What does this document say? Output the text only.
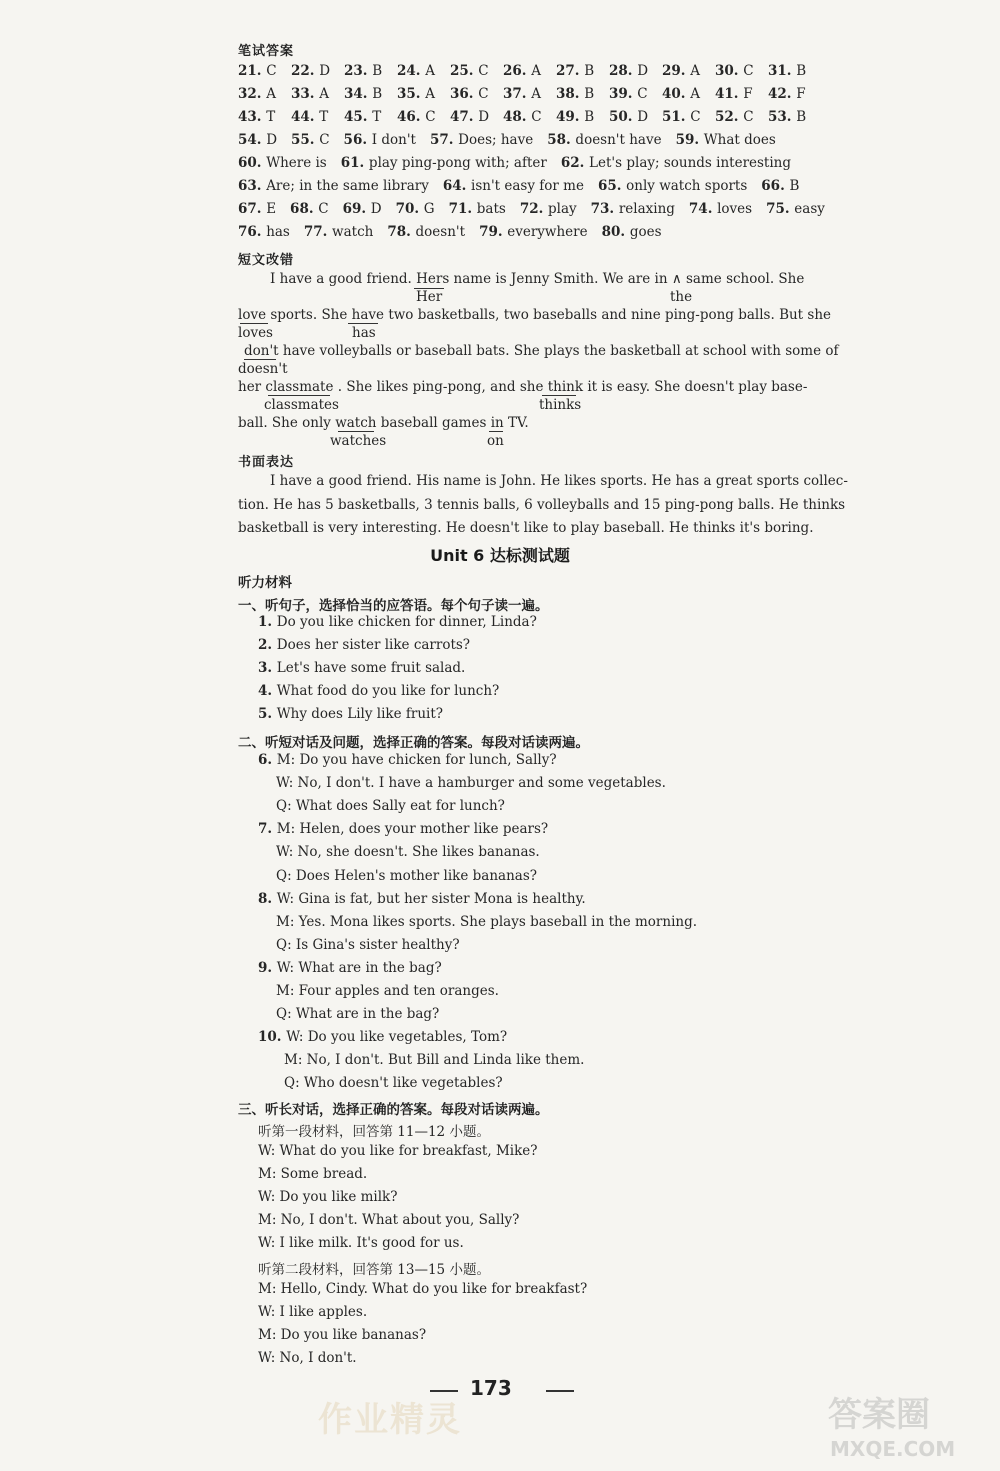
笔试答案
21. C 22. D 23. B 24. A 25. C 26. A 27. B 28. D 29. A 30. C 31. B
32. A 33. A 34. B 35. A 36. C 37. A 38. B 39. C 40. A 41. F 42. F
43. T 44. T 45. T 46. C 47. D 48. C 49. B 50. D 51. C 52. C 53. B
54. D 55. C 56. I don't 57. Does; have 58. doesn't have 59. What does
60. Where is 61. play ping-pong with; after 62. Let's play; sounds interesting
63. Are; in the same library 64. isn't easy for me 65. only watch sports 66. B
67. E 68. C 69. D 70. G 71. bats 72. play 73. relaxing 74. loves 75. easy
76. has 77. watch 78. doesn't 79. everywhere 80. goes
短文改错
I have a good friend. Hers name is Jenny Smith. We are in ∧ same school. She
love sports. She have two basketballs, two baseballs and nine ping-pong balls. But she
don't have volleyballs or baseball bats. She plays the basketball at school with some of
her classmate . She likes ping-pong, and she think it is easy. She doesn't play base-
ball. She only watch baseball games in TV.
Her	the
loves	has
doesn't
classmates	thinks
watches	on
书面表达
I have a good friend. His name is John. He likes sports. He has a great sports collec-
tion. He has 5 basketballs, 3 tennis balls, 6 volleyballs and 15 ping-pong balls. He thinks
basketball is very interesting. He doesn't like to play baseball. He thinks it's boring.
Unit 6 达标测试题
听力材料
一、听句子，选择恰当的应答语。每个句子读一遍。
1. Do you like chicken for dinner, Linda?
2. Does her sister like carrots?
3. Let's have some fruit salad.
4. What food do you like for lunch?
5. Why does Lily like fruit?
二、听短对话及问题，选择正确的答案。每段对话读两遍。
6. M: Do you have chicken for lunch, Sally?
W: No, I don't. I have a hamburger and some vegetables.
Q: What does Sally eat for lunch?
7. M: Helen, does your mother like pears?
W: No, she doesn't. She likes bananas.
Q: Does Helen's mother like bananas?
8. W: Gina is fat, but her sister Mona is healthy.
M: Yes. Mona likes sports. She plays baseball in the morning.
Q: Is Gina's sister healthy?
9. W: What are in the bag?
M: Four apples and ten oranges.
Q: What are in the bag?
10. W: Do you like vegetables, Tom?
M: No, I don't. But Bill and Linda like them.
Q: Who doesn't like vegetables?
三、听长对话，选择正确的答案。每段对话读两遍。
听第一段材料，回答第 11—12 小题。
W: What do you like for breakfast, Mike?
M: Some bread.
W: Do you like milk?
M: No, I don't. What about you, Sally?
W: I like milk. It's good for us.
听第二段材料，回答第 13—15 小题。
M: Hello, Cindy. What do you like for breakfast?
W: I like apples.
M: Do you like bananas?
W: No, I don't.
173
作业精灵	答案圈
MXQE.COM
